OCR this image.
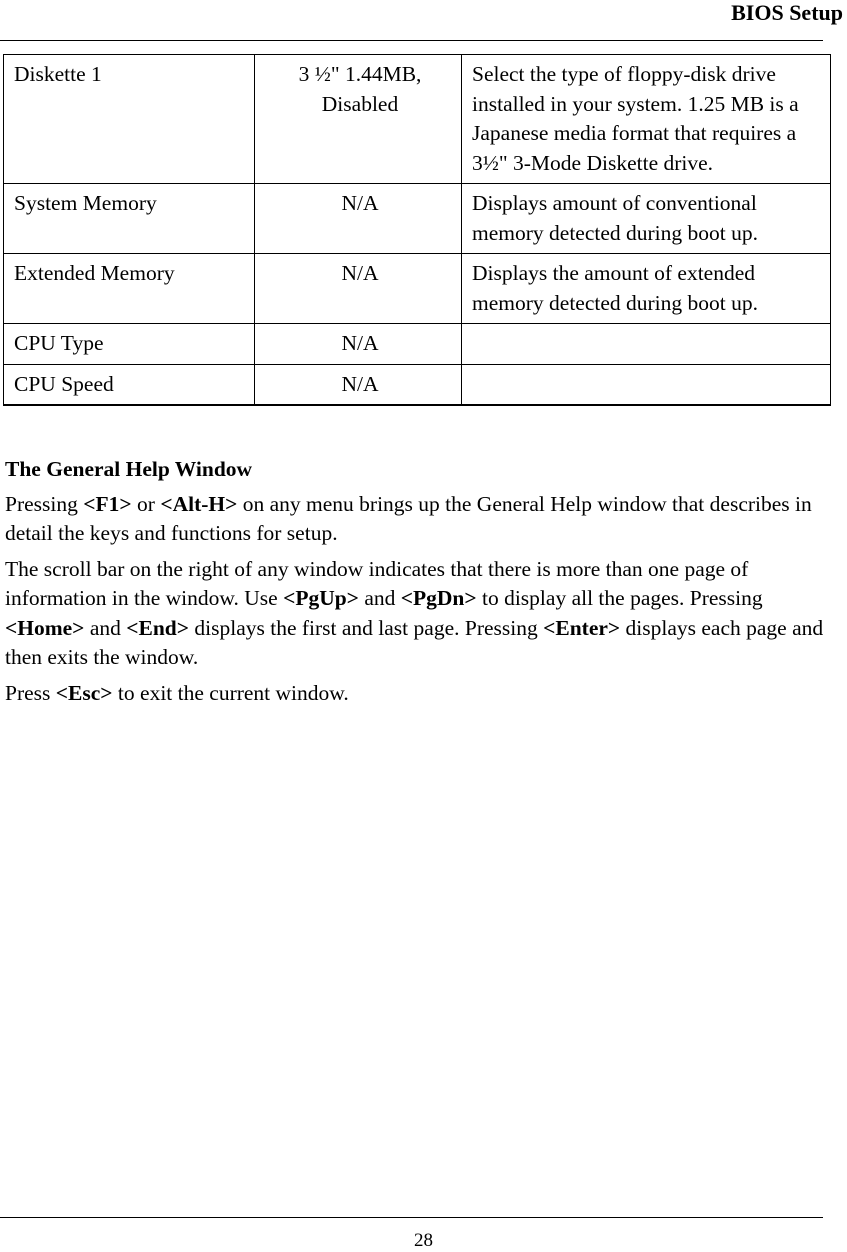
BIOS Setup
Diskette 1	3 ½" 1.44MB, Disabled	Select the type of floppy-disk drive installed in your system. 1.25 MB is a Japanese media format that requires a 3½" 3-Mode Diskette drive.
System Memory	N/A	Displays amount of conventional memory detected during boot up.
Extended Memory	N/A	Displays the amount of extended memory detected during boot up.
CPU Type	N/A	
CPU Speed	N/A	
The General Help Window

Pressing <F1> or <Alt-H> on any menu brings up the General Help window that describes in detail the keys and functions for setup.

The scroll bar on the right of any window indicates that there is more than one page of information in the window. Use <PgUp> and <PgDn> to display all the pages. Pressing <Home> and <End> displays the first and last page. Pressing <Enter> displays each page and then exits the window.

Press <Esc> to exit the current window.

28
